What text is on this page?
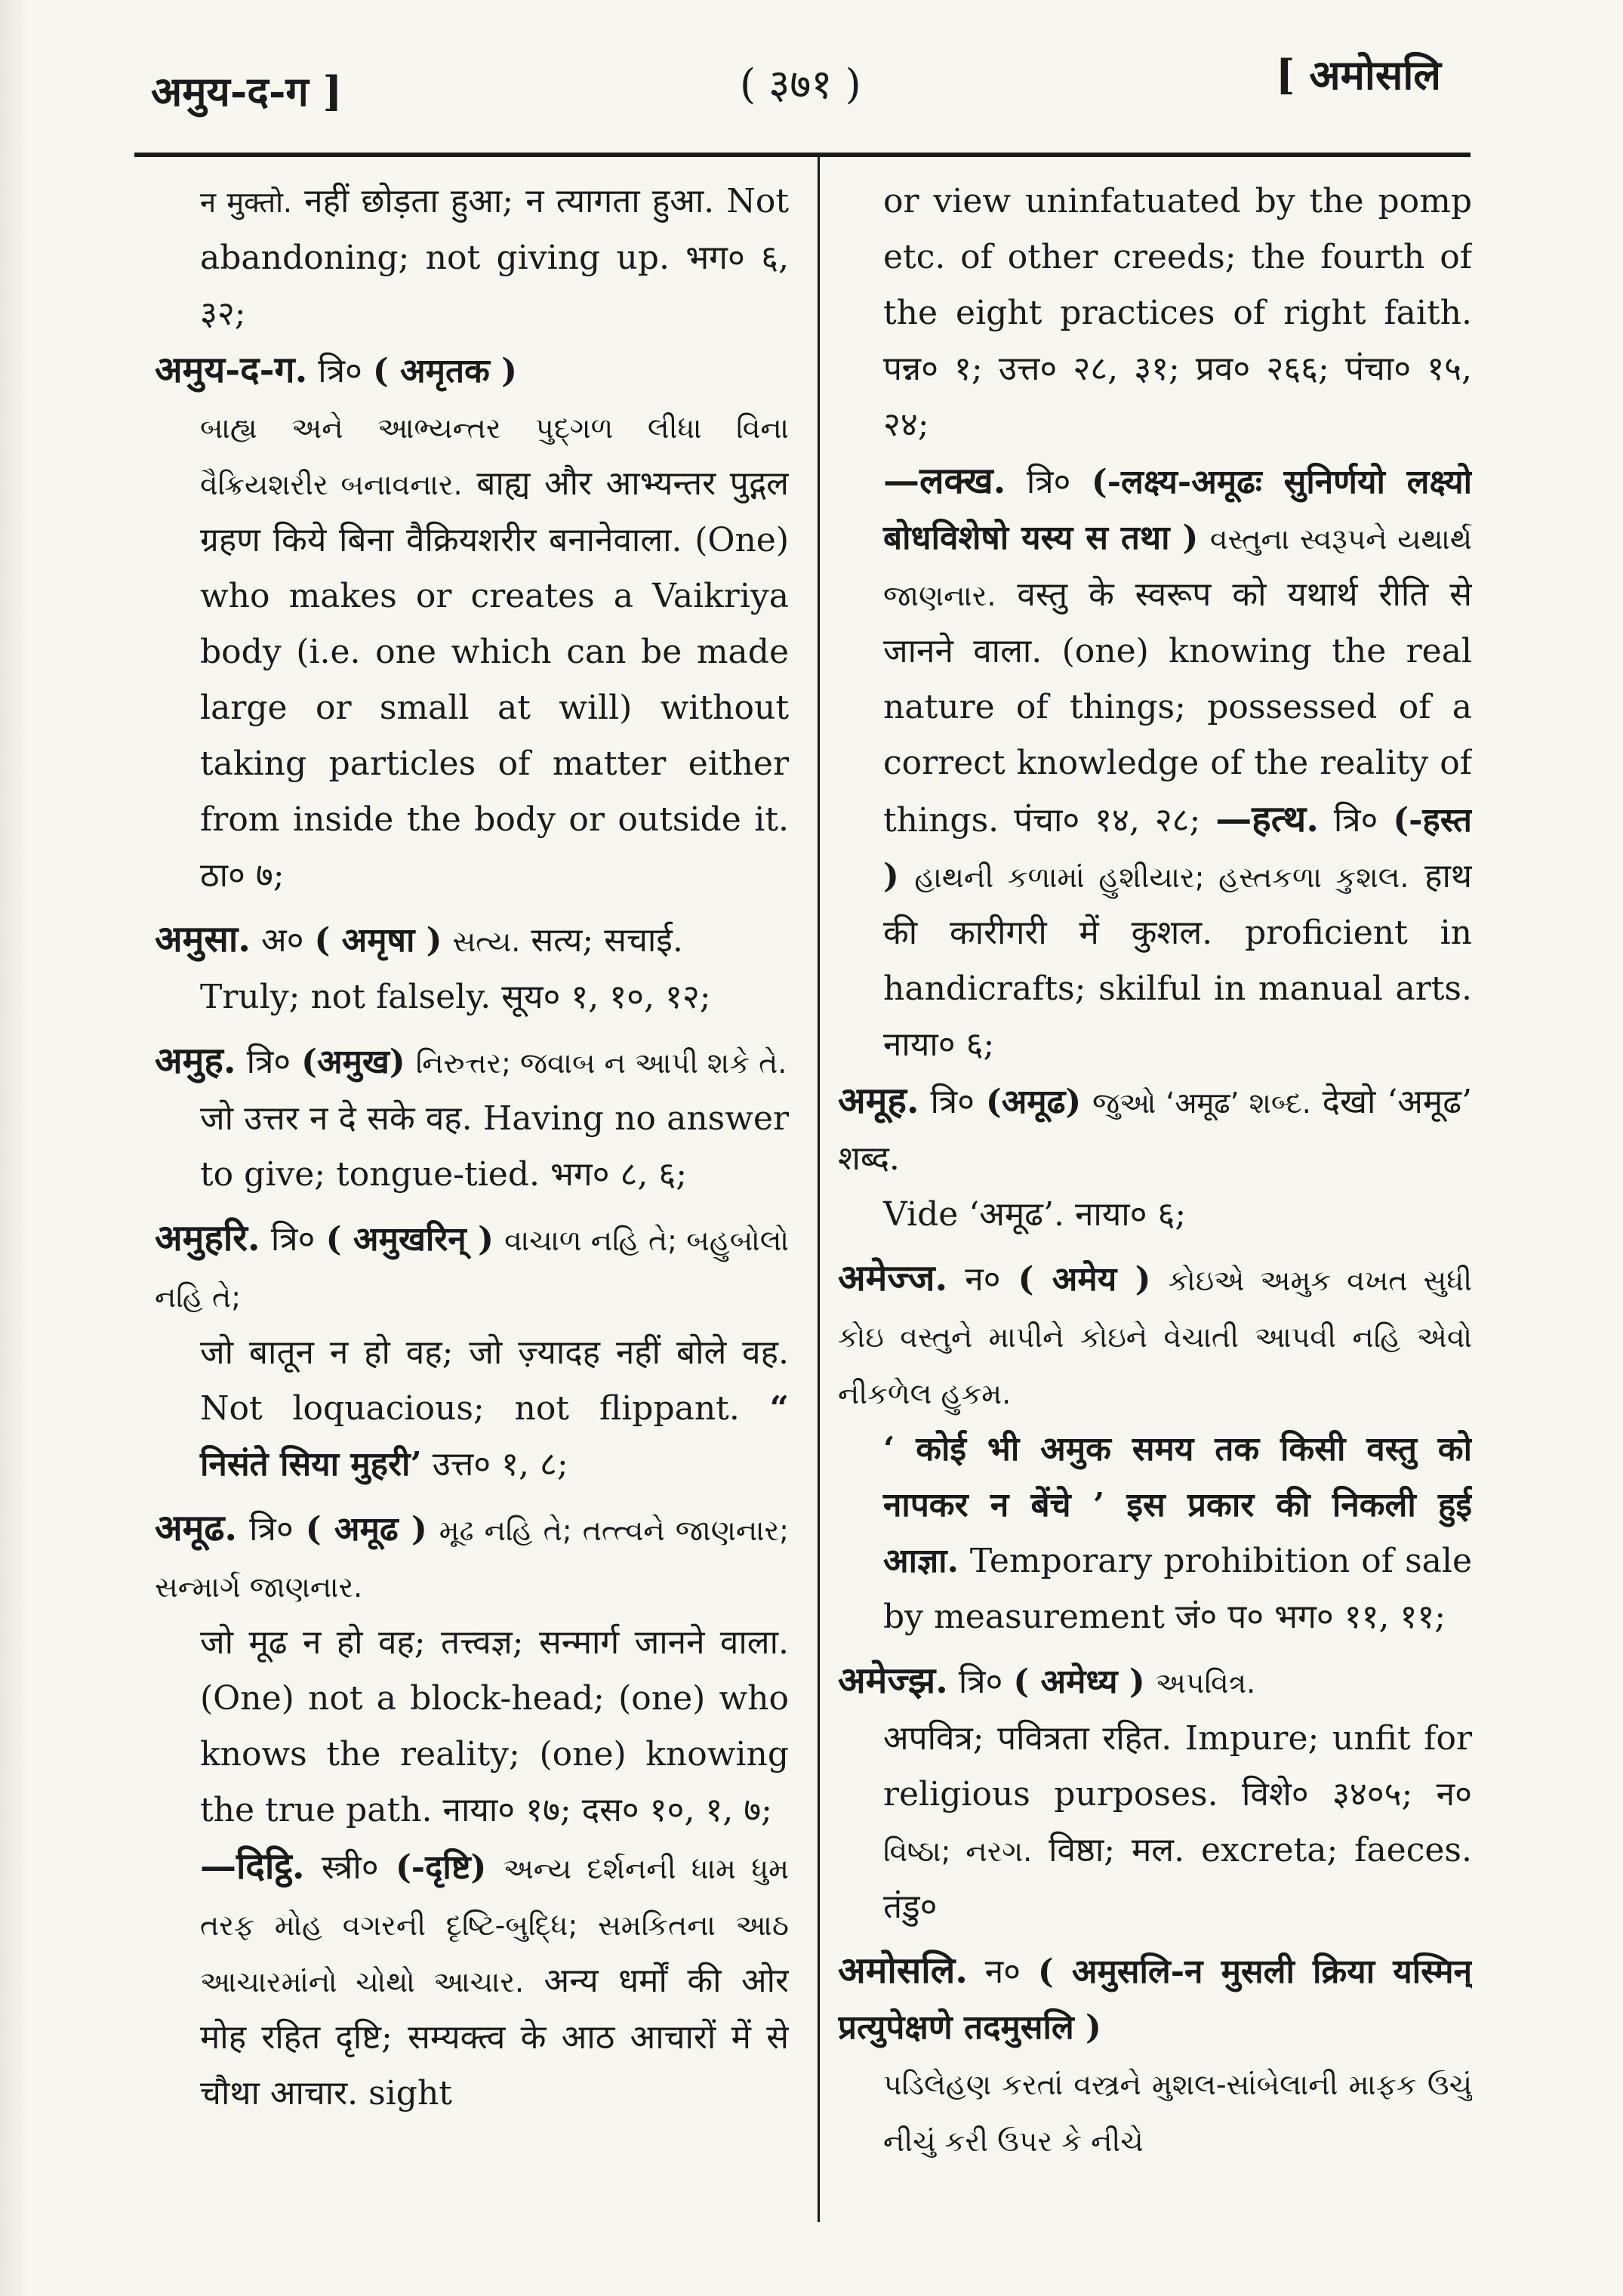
अमुय-द-ग ]	( ३७१ )	[ अमोसलि
न मुक्तो. नहीं छोड़ता हुआ; न त्यागता हुआ. Not abandoning; not giving up. भग० ६, ३२;
अमुय-द-ग. त्रि० ( अमृतक )
બાહ્ય અને આભ્યન્તર પુદ્ગળ લીધા વિના વૈક્રિયશરીર બનાવનાર. बाह्य और आभ्यन्तर पुद्गल ग्रहण किये बिना वैक्रियशरीर बनानेवाला. (One) who makes or creates a Vaikriya body (i.e. one which can be made large or small at will) without taking particles of matter either from inside the body or outside it. ठा० ७;
अमुसा. अ० ( अमृषा ) સત્ય. सत्य; सचाई.
Truly; not falsely. सूय० १, १०, १२;
अमुह. त्रि० (अमुख) નિરુત્તર; જવાબ ન આપી શકે તે.
जो उत्तर न दे सके वह. Having no answer to give; tongue-tied. भग० ८, ६;
अमुहरि. त्रि० ( अमुखरिन् ) વાચાળ નહિ તે; બહુબોલો નહિ તે;
जो बातून न हो वह; जो ज़्यादह नहीं बोले वह. Not loquacious; not flippant. “ निसंते सिया मुहरी’ उत्त० १, ८;
अमूढ. त्रि० ( अमूढ ) મૂઢ નહિ તે; તત્ત્વને જાણનાર; સન્માર્ગ જાણનાર.
जो मूढ न हो वह; तत्त्वज्ञ; सन्मार्ग जानने वाला. (One) not a block-head; (one) who knows the reality; (one) knowing the true path. नाया० १७; दस० १०, १, ७;
—दिट्ठि. स्त्री० (-दृष्टि) અન્ય દર્શનની ધામ ધુમ તરફ મોહ વગરની દૃષ્ટિ-બુદ્ધિ; સમકિતના આઠ આચારમાંનો ચોથો આચાર. अन्य धर्मों की ओर मोह रहित दृष्टि; सम्यक्त्व के आठ आचारों में से चौथा आचार. sight
or view uninfatuated by the pomp etc. of other creeds; the fourth of the eight practices of right faith. पन्न० १; उत्त० २८, ३१; प्रव० २६६; पंचा० १५, २४;
—लक्ख. त्रि० (-लक्ष्य-अमूढः सुनिर्णयो लक्ष्यो बोधविशेषो यस्य स तथा ) વસ્તુના સ્વરૂપને યથાર્થ જાણનાર. वस्तु के स्वरूप को यथार्थ रीति से जानने वाला. (one) knowing the real nature of things; possessed of a correct knowledge of the reality of things. पंचा० १४, २८; —हत्थ. त्रि० (-हस्त ) હાથની કળામાં હુશીયાર; હસ્તકળા કુશલ. हाथ की कारीगरी में कुशल. proficient in handicrafts; skilful in manual arts. नाया० ६;
अमूह. त्रि० (अमूढ) જુઓ ‘अमूढ’ શબ્દ. देखो ‘अमूढ’ शब्द.
Vide ‘अमूढ’. नाया० ६;
अमेज्ज. न० ( अमेय ) કોઇએ અમુક વખત સુધી કોઇ વસ્તુને માપીને કોઇને વેચાતી આપવી નહિ એવો નીકળેલ હુકમ.
‘ कोई भी अमुक समय तक किसी वस्तु को नापकर न बेंचे ’ इस प्रकार की निकली हुई आज्ञा. Temporary prohibition of sale by measurement जं० प० भग० ११, ११;
अमेज्झ. त्रि० ( अमेध्य ) અપવિત્ર.
अपवित्र; पवित्रता रहित. Impure; unfit for religious purposes. विशे० ३४०५; न० વિષ્ઠા; નરગ. विष्ठा; मल. excreta; faeces. तंडु०
अमोसलि. न० ( अमुसलि-न मुसली क्रिया यस्मिन् प्रत्युपेक्षणे तदमुसलि )
પડિલેહણ કરતાં વસ્ત્રને મુશલ-સાંબેલાની માફક ઉચું નીચું કરી ઉપર કે નીચે
